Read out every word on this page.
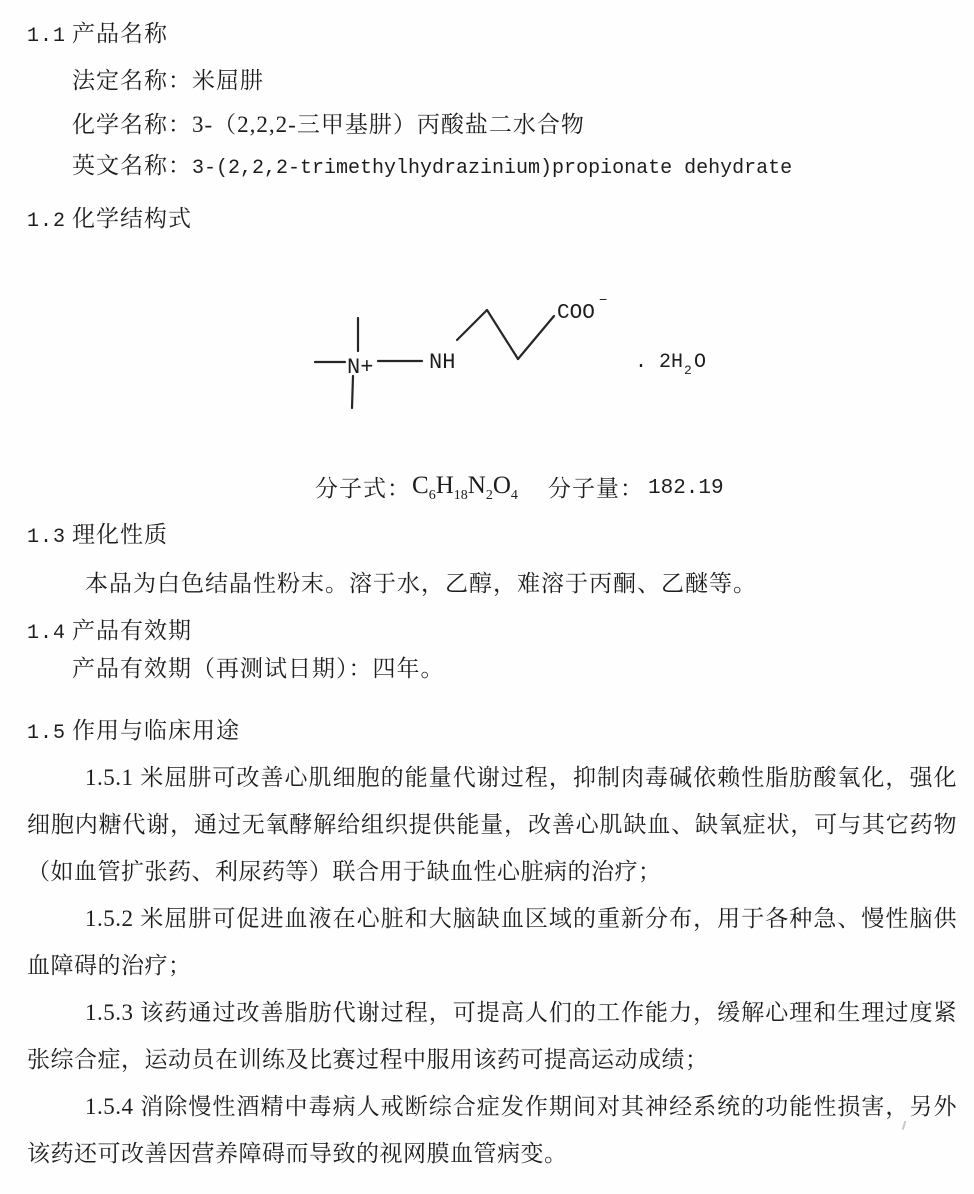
1.1 产品名称
法定名称：米屈肼
化学名称：3-（2,2,2-三甲基肼）丙酸盐二水合物
英文名称：3-(2,2,2-trimethylhydrazinium)propionate dehydrate
1.2 化学结构式
N+	NH
COO
−
. 2H 2 O
分子式： $C_6H_{18}N_2O_4$ 分子量： 182.19
1.3 理化性质
本品为白色结晶性粉末。溶于水，乙醇，难溶于丙酮、乙醚等。
1.4 产品有效期
产品有效期（再测试日期）：四年。
1.5 作用与临床用途

1.5.1 米屈肼可改善心肌细胞的能量代谢过程，抑制肉毒碱依赖性脂肪酸氧化，强化细胞内糖代谢，通过无氧酵解给组织提供能量，改善心肌缺血、缺氧症状，可与其它药物（如血管扩张药、利尿药等）联合用于缺血性心脏病的治疗；

1.5.2 米屈肼可促进血液在心脏和大脑缺血区域的重新分布，用于各种急、慢性脑供血障碍的治疗；

1.5.3 该药通过改善脂肪代谢过程，可提高人们的工作能力，缓解心理和生理过度紧张综合症，运动员在训练及比赛过程中服用该药可提高运动成绩；

1.5.4 消除慢性酒精中毒病人戒断综合症发作期间对其神经系统的功能性损害，另外该药还可改善因营养障碍而导致的视网膜血管病变。
